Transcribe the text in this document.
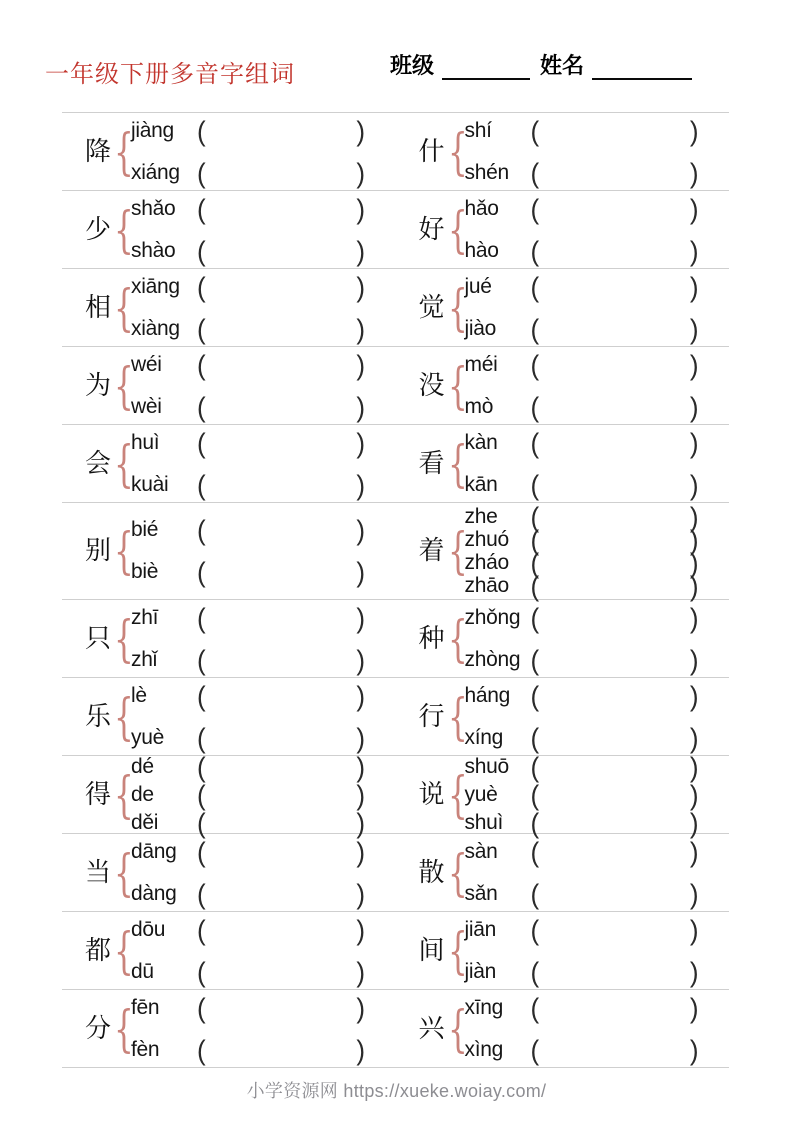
一年级下册多音字组词	班级	姓名
降 {
jiàng (	)
xiáng (	)
什 {
shí	(	)
shén (	)
少 {
shǎo (	)
shào (	)
好 {
hǎo	(	)
hào	(	)
相 {
xiāng (	)
xiàng (	)
觉 {
jué	(	)
jiào	(	)
为 {
wéi	(	)
wèi	(	)
没 {
méi	(	)
mò	(	)
会 {
huì	(	)
kuài	(	)
看 {
kàn	(	)
kān	(	)
别 {
bié	(	)
biè	(	)
着 {
zhe	(	)
zhuó (	)
zháo (	)
zhāo (	)
只 {
zhī	(	)
zhǐ	(	)
种 {
zhǒng (	)
zhòng (	)
乐 {
lè	(	)
yuè	(	)
行 {
háng (	)
xíng	(	)
得 {
dé	(	)
de	(	)
děi	(	)
说 {
shuō (	)
yuè	(	)
shuì	(	)
当 {
dāng (	)
dàng (	)
散 {
sàn	(	)
sǎn	(	)
都 {
dōu	(	)
dū	(	)
间 {
jiān	(	)
jiàn	(	)
分 {
fēn	(	)
fèn	(	)
兴 {
xīng	(	)
xìng	(	)
小学资源网 https://xueke.woiay.com/
